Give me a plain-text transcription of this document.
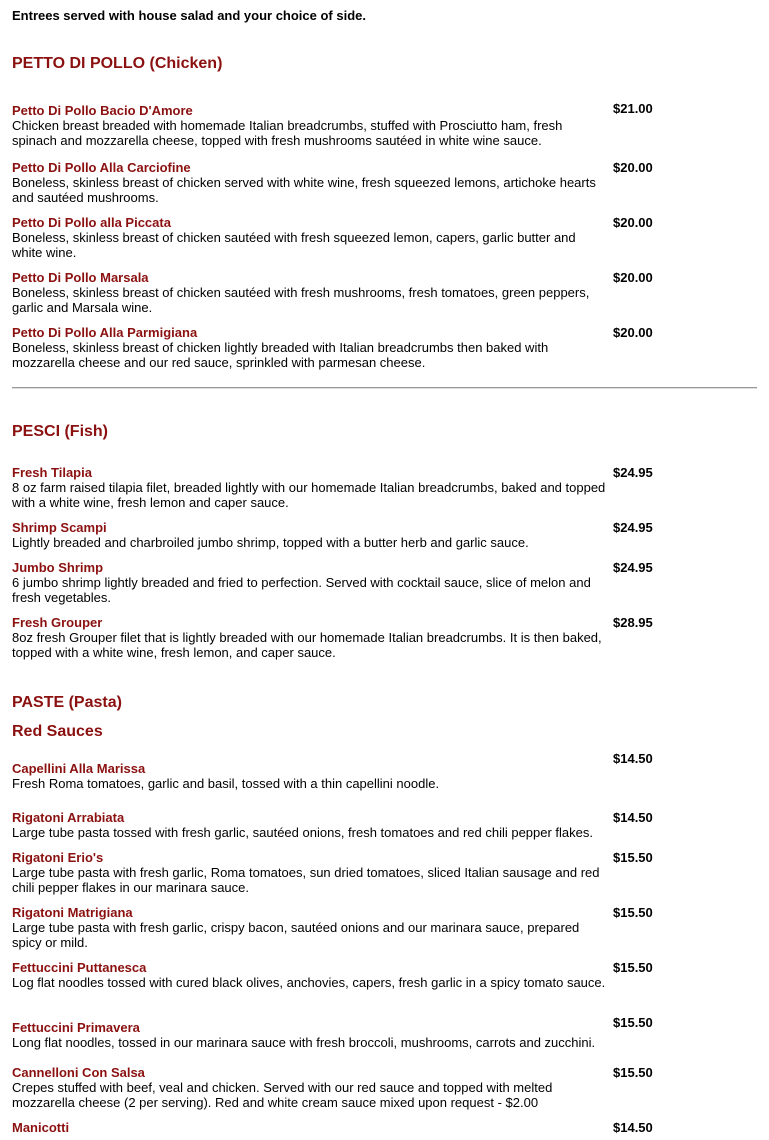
Entrees served with house salad and your choice of side.
PETTO DI POLLO (Chicken)
Petto Di Pollo Bacio D'Amore
Chicken breast breaded with homemade Italian breadcrumbs, stuffed with Prosciutto ham, fresh spinach and mozzarella cheese, topped with fresh mushrooms sautéed in white wine sauce.
$21.00
Petto Di Pollo Alla Carciofine
Boneless, skinless breast of chicken served with white wine, fresh squeezed lemons, artichoke hearts and sautéed mushrooms.
$20.00
Petto Di Pollo alla Piccata
Boneless, skinless breast of chicken sautéed with fresh squeezed lemon, capers, garlic butter and white wine.
$20.00
Petto Di Pollo Marsala
Boneless, skinless breast of chicken sautéed with fresh mushrooms, fresh tomatoes, green peppers, garlic and Marsala wine.
$20.00
Petto Di Pollo Alla Parmigiana
Boneless, skinless breast of chicken lightly breaded with Italian breadcrumbs then baked with mozzarella cheese and our red sauce, sprinkled with parmesan cheese.
$20.00
PESCI (Fish)
Fresh Tilapia
8 oz farm raised tilapia filet, breaded lightly with our homemade Italian breadcrumbs, baked and topped with a white wine, fresh lemon and caper sauce.
$24.95
Shrimp Scampi
Lightly breaded and charbroiled jumbo shrimp, topped with a butter herb and garlic sauce.
$24.95
Jumbo Shrimp
6 jumbo shrimp lightly breaded and fried to perfection. Served with cocktail sauce, slice of melon and fresh vegetables.
$24.95
Fresh Grouper
8oz fresh Grouper filet that is lightly breaded with our homemade Italian breadcrumbs. It is then baked, topped with a white wine, fresh lemon, and caper sauce.
$28.95
PASTE (Pasta)
Red Sauces
Capellini Alla Marissa
Fresh Roma tomatoes, garlic and basil, tossed with a thin capellini noodle.
$14.50
Rigatoni Arrabiata
Large tube pasta tossed with fresh garlic, sautéed onions, fresh tomatoes and red chili pepper flakes.
$14.50
Rigatoni Erio's
Large tube pasta with fresh garlic, Roma tomatoes, sun dried tomatoes, sliced Italian sausage and red chili pepper flakes in our marinara sauce.
$15.50
Rigatoni Matrigiana
Large tube pasta with fresh garlic, crispy bacon, sautéed onions and our marinara sauce, prepared spicy or mild.
$15.50
Fettuccini Puttanesca
Log flat noodles tossed with cured black olives, anchovies, capers, fresh garlic in a spicy tomato sauce.
$15.50
Fettuccini Primavera
Long flat noodles, tossed in our marinara sauce with fresh broccoli, mushrooms, carrots and zucchini.
$15.50
Cannelloni Con Salsa
Crepes stuffed with beef, veal and chicken. Served with our red sauce and topped with melted mozzarella cheese (2 per serving). Red and white cream sauce mixed upon request - $2.00
$15.50
Manicotti	$14.50
